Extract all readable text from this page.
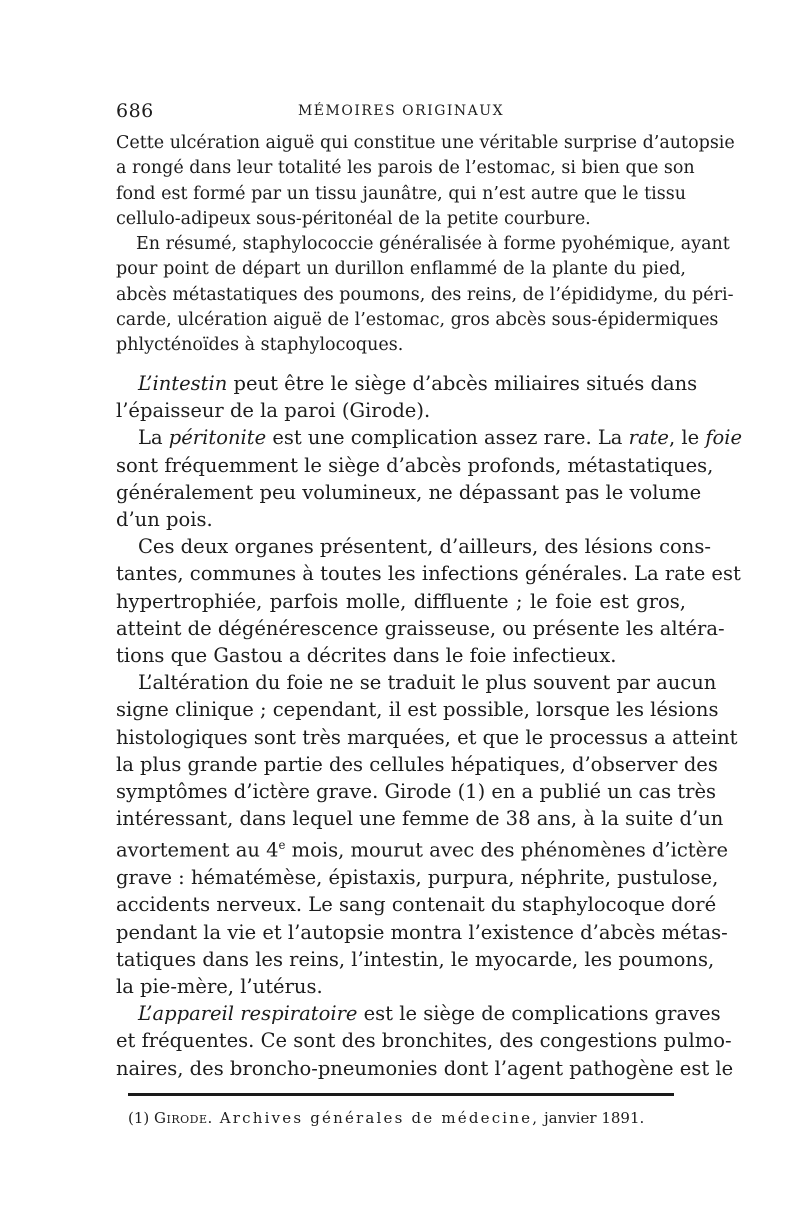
686	MÉMOIRES ORIGINAUX
Cette ulcération aiguë qui constitue une véritable surprise d’autopsie
a rongé dans leur totalité les parois de l’estomac, si bien que son
fond est formé par un tissu jaunâtre, qui n’est autre que le tissu
cellulo-adipeux sous-péritonéal de la petite courbure.
En résumé, staphylococcie généralisée à forme pyohémique, ayant
pour point de départ un durillon enflammé de la plante du pied,
abcès métastatiques des poumons, des reins, de l’épididyme, du péri-
carde, ulcération aiguë de l’estomac, gros abcès sous-épidermiques
phlycténoïdes à staphylocoques.
L’intestin peut être le siège d’abcès miliaires situés dans
l’épaisseur de la paroi (Girode).
La péritonite est une complication assez rare. La rate, le foie
sont fréquemment le siège d’abcès profonds, métastatiques,
généralement peu volumineux, ne dépassant pas le volume
d’un pois.
Ces deux organes présentent, d’ailleurs, des lésions cons-
tantes, communes à toutes les infections générales. La rate est
hypertrophiée, parfois molle, diffluente ; le foie est gros,
atteint de dégénérescence graisseuse, ou présente les altéra-
tions que Gastou a décrites dans le foie infectieux.
L’altération du foie ne se traduit le plus souvent par aucun
signe clinique ; cependant, il est possible, lorsque les lésions
histologiques sont très marquées, et que le processus a atteint
la plus grande partie des cellules hépatiques, d’observer des
symptômes d’ictère grave. Girode (1) en a publié un cas très
intéressant, dans lequel une femme de 38 ans, à la suite d’un
avortement au 4e mois, mourut avec des phénomènes d’ictère
grave : hématémèse, épistaxis, purpura, néphrite, pustulose,
accidents nerveux. Le sang contenait du staphylocoque doré
pendant la vie et l’autopsie montra l’existence d’abcès métas-
tatiques dans les reins, l’intestin, le myocarde, les poumons,
la pie-mère, l’utérus.
L’appareil respiratoire est le siège de complications graves
et fréquentes. Ce sont des bronchites, des congestions pulmo-
naires, des broncho-pneumonies dont l’agent pathogène est le
(1) Girode. Archives générales de médecine, janvier 1891.
